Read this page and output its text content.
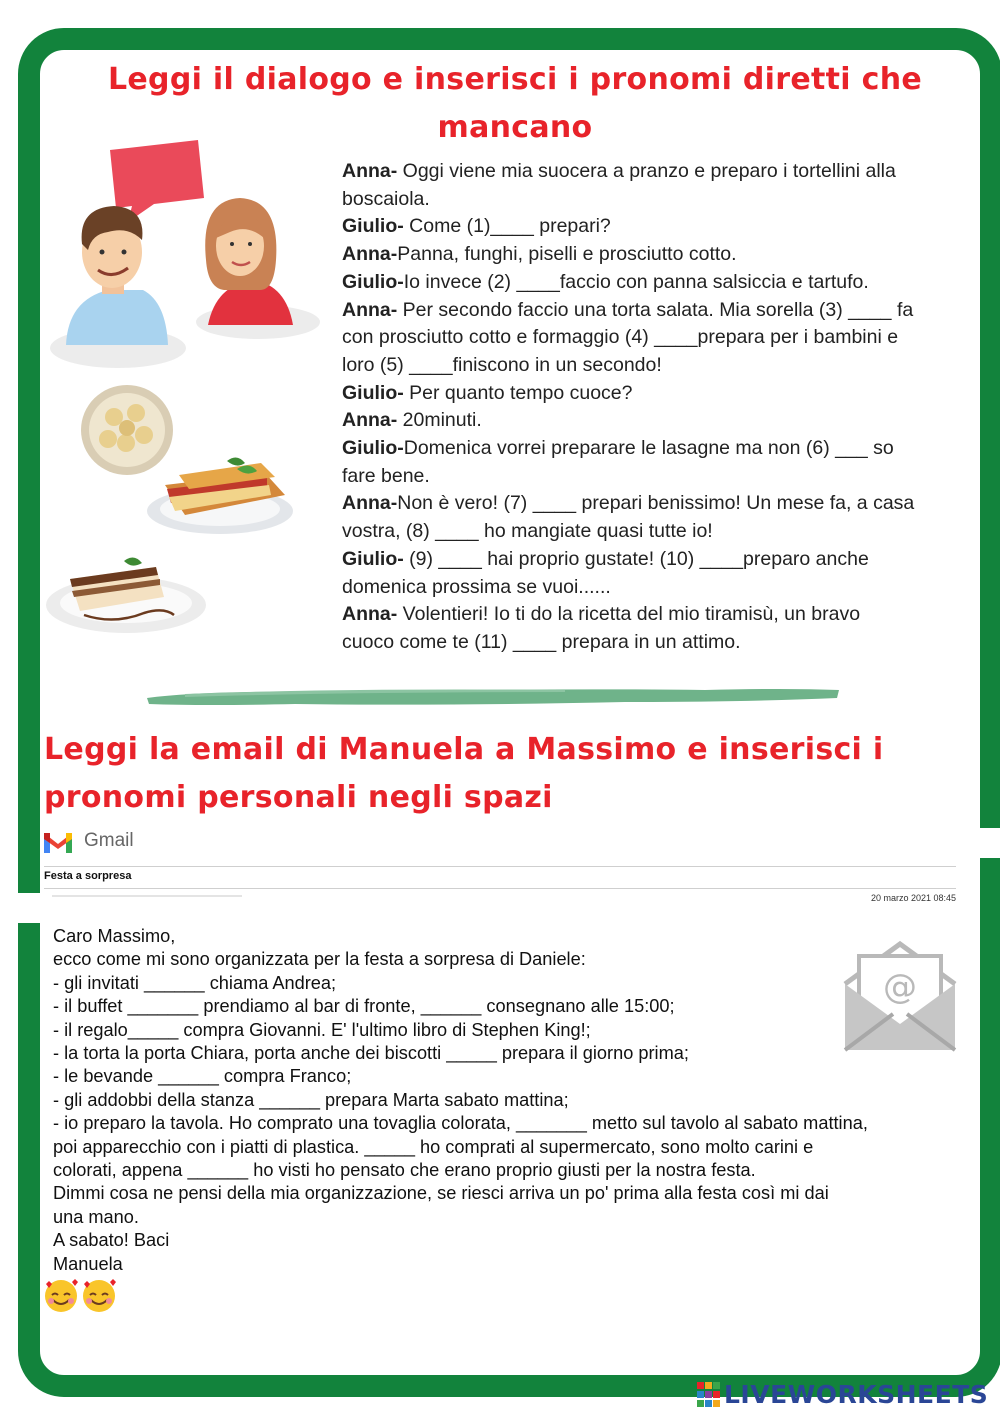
Leggi il dialogo e inserisci i pronomi diretti che
mancano
Anna- Oggi viene mia suocera a pranzo e preparo i tortellini alla
boscaiola.
Giulio- Come (1)____ prepari?
Anna-Panna, funghi, piselli e prosciutto cotto.
Giulio-Io invece (2) ____faccio con panna salsiccia e tartufo.
Anna- Per secondo faccio una torta salata. Mia sorella (3) ____ fa
con prosciutto cotto e formaggio (4) ____prepara per i bambini e
loro (5) ____finiscono in un secondo!
Giulio- Per quanto tempo cuoce?
Anna- 20minuti.
Giulio-Domenica vorrei preparare le lasagne ma non (6) ___ so
fare bene.
Anna-Non è vero! (7) ____ prepari benissimo! Un mese fa, a casa
vostra, (8) ____ ho mangiate quasi tutte io!
Giulio- (9) ____ hai proprio gustate! (10) ____preparo anche
domenica prossima se vuoi......
Anna- Volentieri! Io ti do la ricetta del mio tiramisù, un bravo
cuoco come te (11) ____ prepara in un attimo.
Leggi la email di Manuela a Massimo e inserisci i
pronomi personali negli spazi
Gmail
Festa a sorpresa
20 marzo 2021 08:45
@
Caro Massimo,
ecco come mi sono organizzata per la festa a sorpresa di Daniele:
- gli invitati ______ chiama Andrea;
- il buffet _______ prendiamo al bar di fronte, ______ consegnano alle 15:00;
- il regalo_____ compra Giovanni. E' l'ultimo libro di Stephen King!;
- la torta la porta Chiara, porta anche dei biscotti _____ prepara il giorno prima;
- le bevande ______ compra Franco;
- gli addobbi della stanza ______ prepara Marta sabato mattina;
- io preparo la tavola. Ho comprato una tovaglia colorata, _______ metto sul tavolo al sabato mattina,
poi apparecchio con i piatti di plastica. _____ ho comprati al supermercato, sono molto carini e
colorati, appena ______ ho visti ho pensato che erano proprio giusti per la nostra festa.
Dimmi cosa ne pensi della mia organizzazione, se riesci arriva un po' prima alla festa così mi dai
una mano.
A sabato! Baci
Manuela
LIVEWORKSHEETS
